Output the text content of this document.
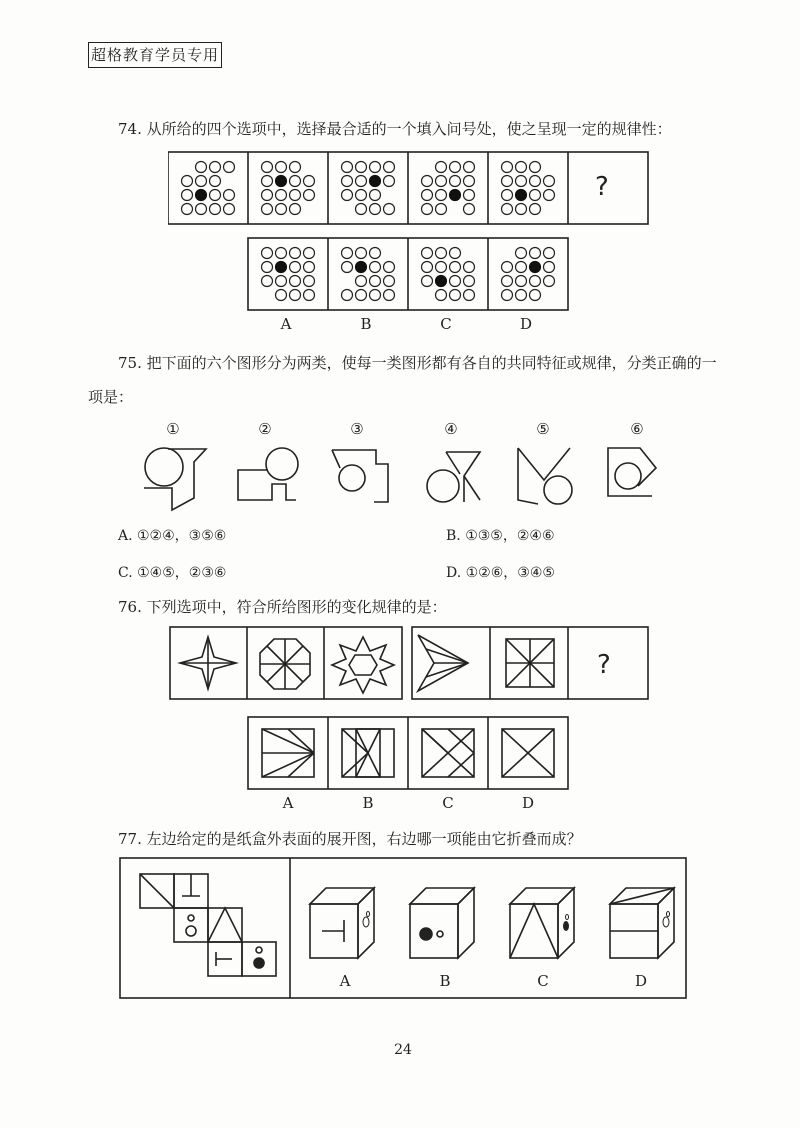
超格教育学员专用
74. 从所给的四个选项中，选择最合适的一个填入问号处，使之呈现一定的规律性：
?
A	B	C	D
75. 把下面的六个图形分为两类，使每一类图形都有各自的共同特征或规律，分类正确的一
项是：
①	②	③	④	⑤	⑥
A. ①②④，③⑤⑥	B. ①③⑤，②④⑥
C. ①④⑤，②③⑥	D. ①②⑥，③④⑤
76. 下列选项中，符合所给图形的变化规律的是：
?
A	B	C	D
77. 左边给定的是纸盒外表面的展开图，右边哪一项能由它折叠而成？
A	B	C	D
24
